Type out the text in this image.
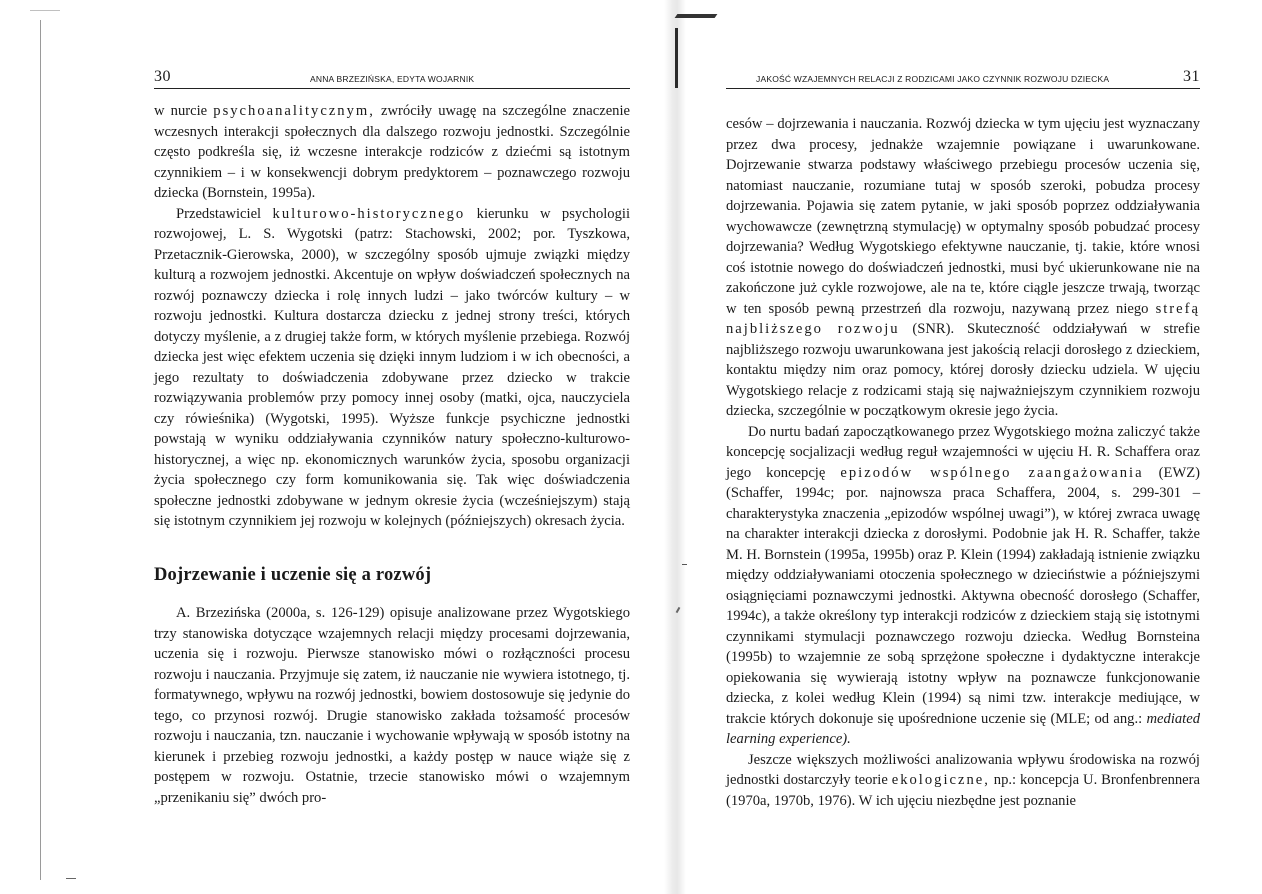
30	ANNA BRZEZIŃSKA, EDYTA WOJARNIK

w nurcie psychoanalitycznym, zwróciły uwagę na szczególne znaczenie wczesnych interakcji społecznych dla dalszego rozwoju jednostki. Szczególnie często podkreśla się, iż wczesne interakcje rodziców z dziećmi są istotnym czynnikiem – i w konsekwencji dobrym predyktorem – poznawczego rozwoju dziecka (Bornstein, 1995a).

Przedstawiciel kulturowo-historycznego kierunku w psychologii rozwojowej, L. S. Wygotski (patrz: Stachowski, 2002; por. Tyszkowa, Przetacznik-Gierowska, 2000), w szczególny sposób ujmuje związki między kulturą a rozwojem jednostki. Akcentuje on wpływ doświadczeń społecznych na rozwój poznawczy dziecka i rolę innych ludzi – jako twórców kultury – w rozwoju jednostki. Kultura dostarcza dziecku z jednej strony treści, których dotyczy myślenie, a z drugiej także form, w których myślenie przebiega. Rozwój dziecka jest więc efektem uczenia się dzięki innym ludziom i w ich obecności, a jego rezultaty to doświadczenia zdobywane przez dziecko w trakcie rozwiązywania problemów przy pomocy innej osoby (matki, ojca, nauczyciela czy rówieśnika) (Wygotski, 1995). Wyższe funkcje psychiczne jednostki powstają w wyniku oddziaływania czynników natury społeczno-kulturowo-historycznej, a więc np. ekonomicznych warunków życia, sposobu organizacji życia społecznego czy form komunikowania się. Tak więc doświadczenia społeczne jednostki zdobywane w jednym okresie życia (wcześniejszym) stają się istotnym czynnikiem jej rozwoju w kolejnych (późniejszych) okresach życia.

Dojrzewanie i uczenie się a rozwój

A. Brzezińska (2000a, s. 126-129) opisuje analizowane przez Wygotskiego trzy stanowiska dotyczące wzajemnych relacji między procesami dojrzewania, uczenia się i rozwoju. Pierwsze stanowisko mówi o rozłączności procesu rozwoju i nauczania. Przyjmuje się zatem, iż nauczanie nie wywiera istotnego, tj. formatywnego, wpływu na rozwój jednostki, bowiem dostosowuje się jedynie do tego, co przynosi rozwój. Drugie stanowisko zakłada tożsamość procesów rozwoju i nauczania, tzn. nauczanie i wychowanie wpływają w sposób istotny na kierunek i przebieg rozwoju jednostki, a każdy postęp w nauce wiąże się z postępem w rozwoju. Ostatnie, trzecie stanowisko mówi o wzajemnym „przenikaniu się” dwóch pro-

JAKOŚĆ WZAJEMNYCH RELACJI Z RODZICAMI JAKO CZYNNIK ROZWOJU DZIECKA	31

cesów – dojrzewania i nauczania. Rozwój dziecka w tym ujęciu jest wyznaczany przez dwa procesy, jednakże wzajemnie powiązane i uwarunkowane. Dojrzewanie stwarza podstawy właściwego przebiegu procesów uczenia się, natomiast nauczanie, rozumiane tutaj w sposób szeroki, pobudza procesy dojrzewania. Pojawia się zatem pytanie, w jaki sposób poprzez oddziaływania wychowawcze (zewnętrzną stymulację) w optymalny sposób pobudzać procesy dojrzewania? Według Wygotskiego efektywne nauczanie, tj. takie, które wnosi coś istotnie nowego do doświadczeń jednostki, musi być ukierunkowane nie na zakończone już cykle rozwojowe, ale na te, które ciągle jeszcze trwają, tworząc w ten sposób pewną przestrzeń dla rozwoju, nazywaną przez niego strefą najbliższego rozwoju (SNR). Skuteczność oddziaływań w strefie najbliższego rozwoju uwarunkowana jest jakością relacji dorosłego z dzieckiem, kontaktu między nim oraz pomocy, której dorosły dziecku udziela. W ujęciu Wygotskiego relacje z rodzicami stają się najważniejszym czynnikiem rozwoju dziecka, szczególnie w początkowym okresie jego życia.

Do nurtu badań zapoczątkowanego przez Wygotskiego można zaliczyć także koncepcję socjalizacji według reguł wzajemności w ujęciu H. R. Schaffera oraz jego koncepcję epizodów wspólnego zaangażowania (EWZ) (Schaffer, 1994c; por. najnowsza praca Schaffera, 2004, s. 299-301 – charakterystyka znaczenia „epizodów wspólnej uwagi”), w której zwraca uwagę na charakter interakcji dziecka z dorosłymi. Podobnie jak H. R. Schaffer, także M. H. Bornstein (1995a, 1995b) oraz P. Klein (1994) zakładają istnienie związku między oddziaływaniami otoczenia społecznego w dzieciństwie a późniejszymi osiągnięciami poznawczymi jednostki. Aktywna obecność dorosłego (Schaffer, 1994c), a także określony typ interakcji rodziców z dzieckiem stają się istotnymi czynnikami stymulacji poznawczego rozwoju dziecka. Według Bornsteina (1995b) to wzajemnie ze sobą sprzężone społeczne i dydaktyczne interakcje opiekowania się wywierają istotny wpływ na poznawcze funkcjonowanie dziecka, z kolei według Klein (1994) są nimi tzw. interakcje mediujące, w trakcie których dokonuje się upośrednione uczenie się (MLE; od ang.: mediated learning experience).

Jeszcze większych możliwości analizowania wpływu środowiska na rozwój jednostki dostarczyły teorie ekologiczne, np.: koncepcja U. Bronfenbrennera (1970a, 1970b, 1976). W ich ujęciu niezbędne jest poznanie
